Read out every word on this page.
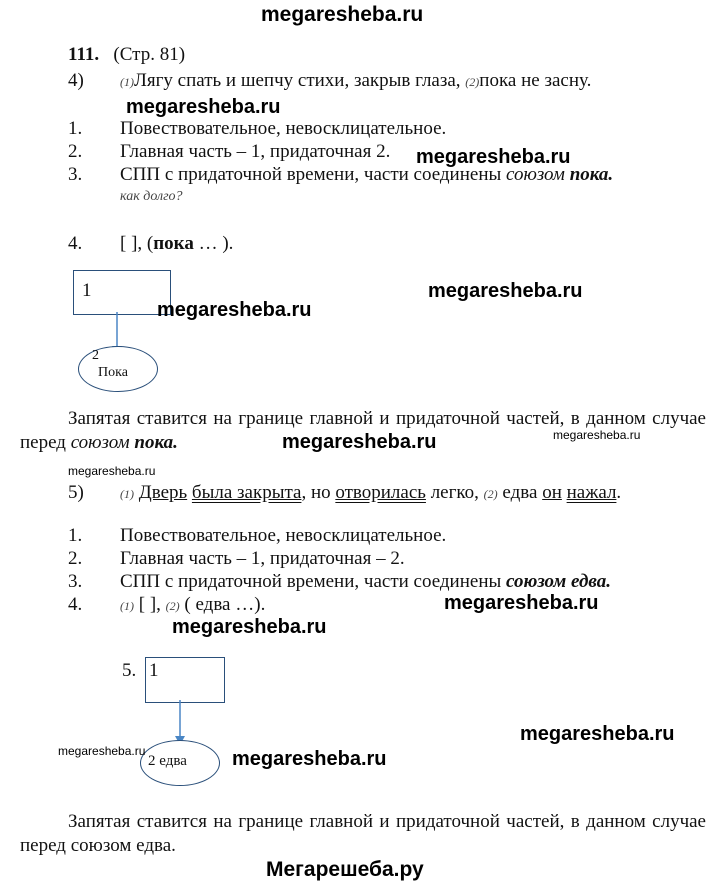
megaresheba.ru
111. (Стр. 81)
4)	(1)Лягу спать и шепчу стихи, закрыв глаза, (2)пока не засну.
megaresheba.ru
1. Повествовательное, невосклицательное.
2. Главная часть – 1, придаточная 2. megaresheba.ru
3. СПП с придаточной времени, части соединены союзом пока.
как долго?
4. [ ], (пока … ).
1	megaresheba.ru
megaresheba.ru
2
Пока
Запятая ставится на границе главной и придаточной частей, в данном случае перед союзом пока.	megaresheba.ru	megaresheba.ru
megaresheba.ru
5)	(1) Дверь была закрыта, но отворилась легко, (2) едва он нажал.
1. Повествовательное, невосклицательное.
2. Главная часть – 1, придаточная – 2.
3. СПП с придаточной времени, части соединены союзом едва.
4.	(1) [ ], (2) ( едва …).	megaresheba.ru
megaresheba.ru
5. 1
2 едва
megaresheba.ru
megaresheba.ru
megaresheba.ru
Запятая ставится на границе главной и придаточной частей, в данном случае перед союзом едва.
Мегарешеба.ру
